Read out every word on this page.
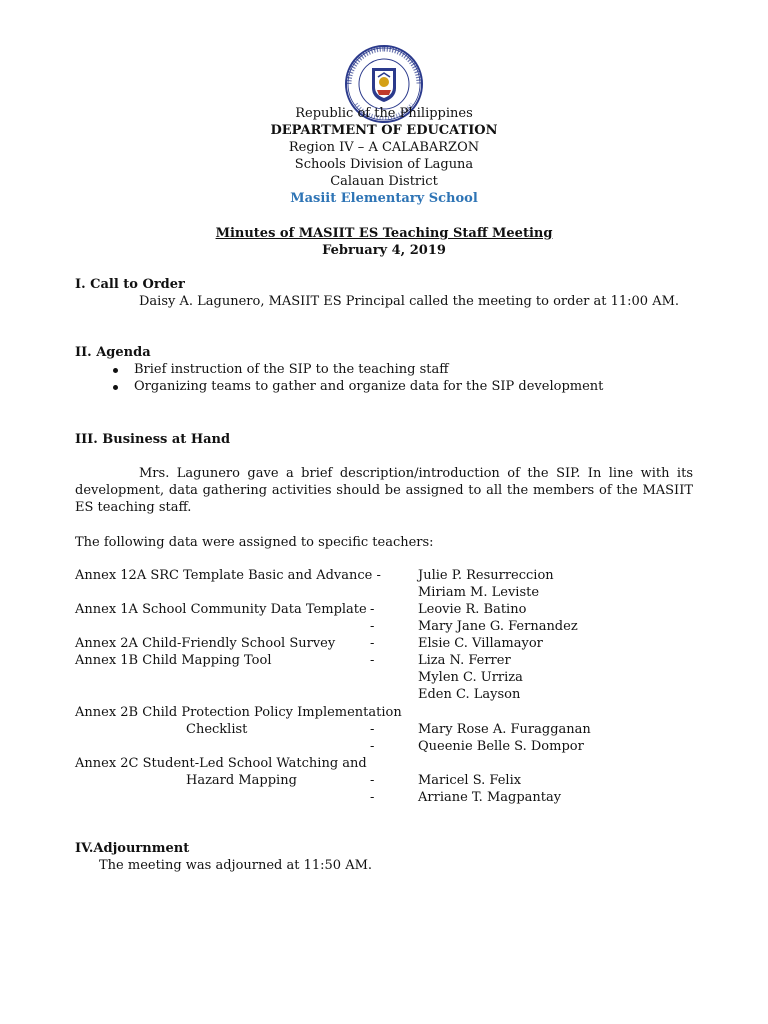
Republic of the Philippines
DEPARTMENT OF EDUCATION
Region IV – A CALABARZON
Schools Division of Laguna
Calauan District
Masiit Elementary School
Minutes of MASIIT ES Teaching Staff Meeting
February 4, 2019
I. Call to Order
Daisy A. Lagunero, MASIIT ES Principal called the meeting to order at 11:00 AM.
II. Agenda
Brief instruction of the SIP to the teaching staff
Organizing teams to gather and organize data for the SIP development
III. Business at Hand
Mrs. Lagunero gave a brief description/introduction of the SIP. In line with its development, data gathering activities should be assigned to all the members of the MASIIT ES teaching staff.
The following data were assigned to specific teachers:
Annex 12A SRC Template Basic and Advance -	Julie P. Resurreccion
Miriam M. Leviste
Annex 1A School Community Data Template -	Leovie R. Batino
-	Mary Jane G. Fernandez
Annex 2A Child-Friendly School Survey	-	Elsie C. Villamayor
Annex 1B Child Mapping Tool	-	Liza N. Ferrer
Mylen C. Urriza
Eden C. Layson
Annex 2B Child Protection Policy Implementation
Checklist	-	Mary Rose A. Furagganan
-	Queenie Belle S. Dompor
Annex 2C Student-Led School Watching and
Hazard Mapping	-	Maricel S. Felix
-	Arriane T. Magpantay
IV.Adjournment
The meeting was adjourned at 11:50 AM.
